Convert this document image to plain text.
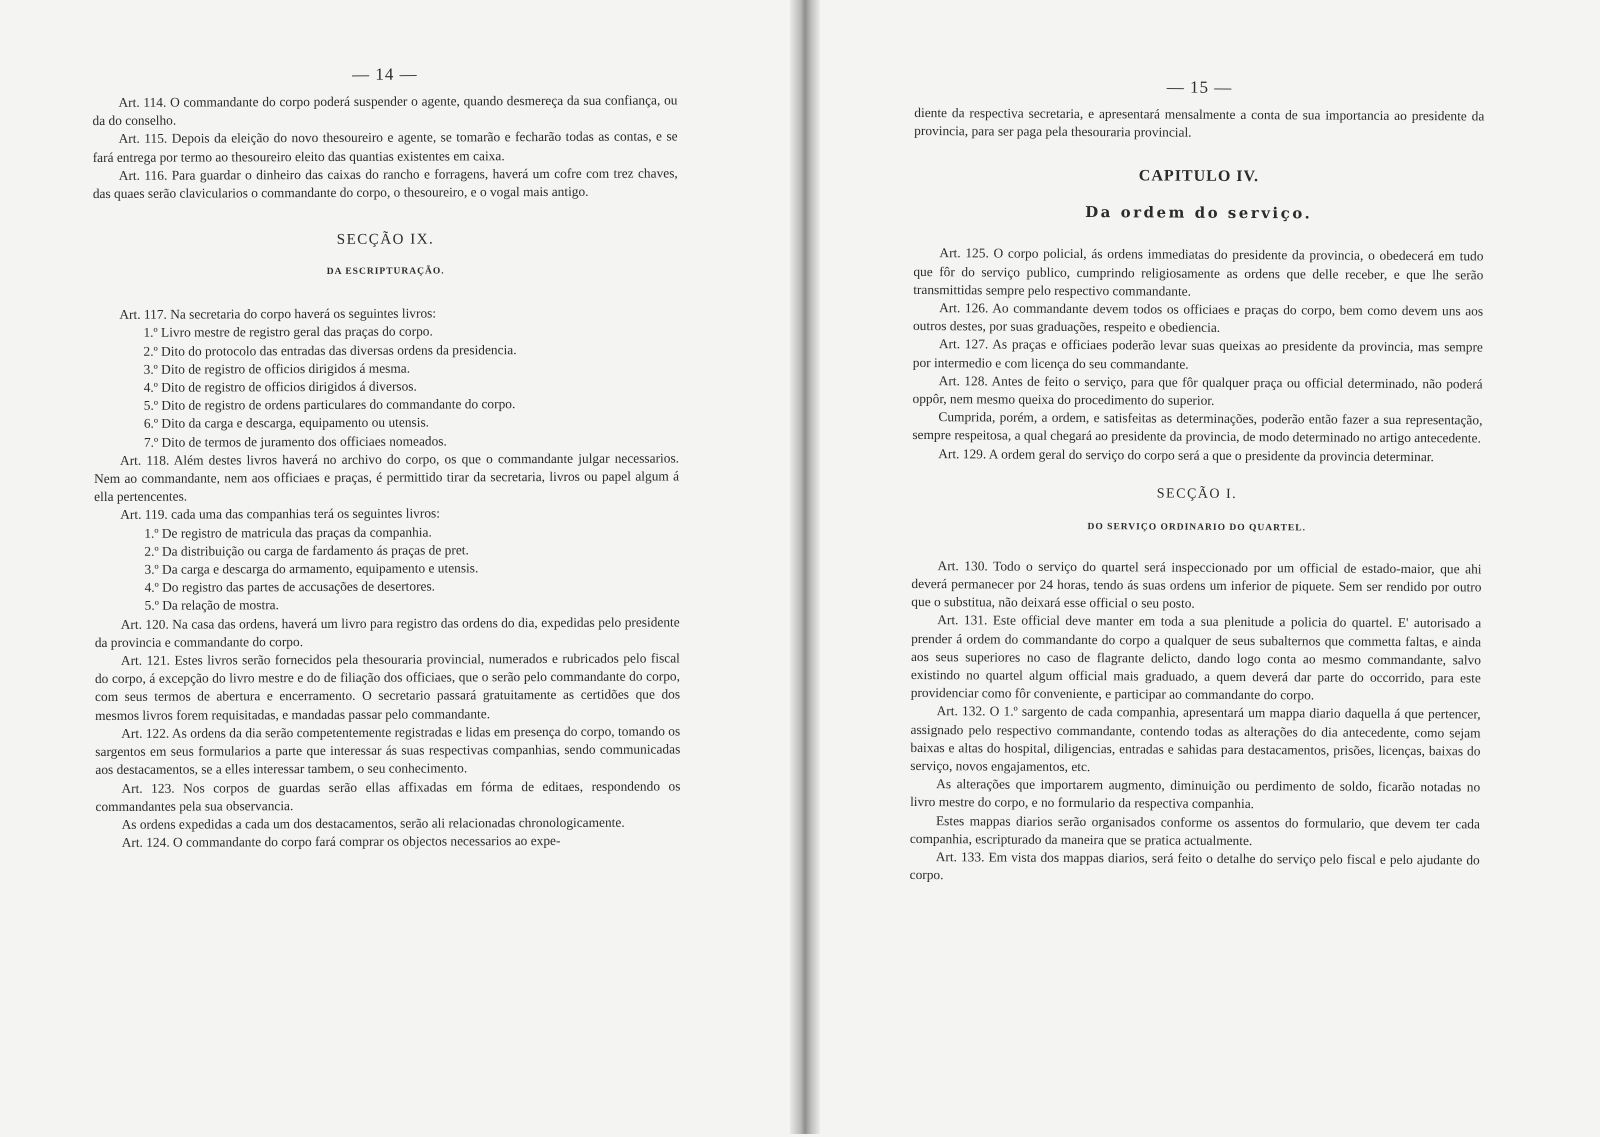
— 14 —

Art. 114. O commandante do corpo poderá suspender o agente, quando desmereça da sua confiança, ou da do conselho.

Art. 115. Depois da eleição do novo thesoureiro e agente, se tomarão e fecharão todas as contas, e se fará entrega por termo ao thesoureiro eleito das quantias existentes em caixa.

Art. 116. Para guardar o dinheiro das caixas do rancho e forragens, haverá um cofre com trez chaves, das quaes serão clavicularios o commandante do corpo, o thesoureiro, e o vogal mais antigo.

SECÇÃO IX.
DA ESCRIPTURAÇÃO.

Art. 117. Na secretaria do corpo haverá os seguintes livros:

1.º Livro mestre de registro geral das praças do corpo.
2.º Dito do protocolo das entradas das diversas ordens da presidencia.
3.º Dito de registro de officios dirigidos á mesma.
4.º Dito de registro de officios dirigidos á diversos.
5.º Dito de registro de ordens particulares do commandante do corpo.
6.º Dito da carga e descarga, equipamento ou utensis.
7.º Dito de termos de juramento dos officiaes nomeados.

Art. 118. Além destes livros haverá no archivo do corpo, os que o commandante julgar necessarios. Nem ao commandante, nem aos officiaes e praças, é permittido tirar da secretaria, livros ou papel algum á ella pertencentes.

Art. 119. cada uma das companhias terá os seguintes livros:

1.º De registro de matricula das praças da companhia.
2.º Da distribuição ou carga de fardamento ás praças de pret.
3.º Da carga e descarga do armamento, equipamento e utensis.
4.º Do registro das partes de accusações de desertores.
5.º Da relação de mostra.

Art. 120. Na casa das ordens, haverá um livro para registro das ordens do dia, expedidas pelo presidente da provincia e commandante do corpo.

Art. 121. Estes livros serão fornecidos pela thesouraria provincial, numerados e rubricados pelo fiscal do corpo, á excepção do livro mestre e do de filiação dos officiaes, que o serão pelo commandante do corpo, com seus termos de abertura e encerramento. O secretario passará gratuitamente as certidões que dos mesmos livros forem requisitadas, e mandadas passar pelo commandante.

Art. 122. As ordens da dia serão competentemente registradas e lidas em presença do corpo, tomando os sargentos em seus formularios a parte que interessar ás suas respectivas companhias, sendo communicadas aos destacamentos, se a elles interessar tambem, o seu conhecimento.

Art. 123. Nos corpos de guardas serão ellas affixadas em fórma de editaes, respondendo os commandantes pela sua observancia.

As ordens expedidas a cada um dos destacamentos, serão ali relacionadas chronologicamente.

Art. 124. O commandante do corpo fará comprar os objectos necessarios ao expe-

— 15 —

diente da respectiva secretaria, e apresentará mensalmente a conta de sua importancia ao presidente da provincia, para ser paga pela thesouraria provincial.

CAPITULO IV.
Da ordem do serviço.

Art. 125. O corpo policial, ás ordens immediatas do presidente da provincia, o obedecerá em tudo que fôr do serviço publico, cumprindo religiosamente as ordens que delle receber, e que lhe serão transmittidas sempre pelo respectivo commandante.

Art. 126. Ao commandante devem todos os officiaes e praças do corpo, bem como devem uns aos outros destes, por suas graduações, respeito e obediencia.

Art. 127. As praças e officiaes poderão levar suas queixas ao presidente da provincia, mas sempre por intermedio e com licença do seu commandante.

Art. 128. Antes de feito o serviço, para que fôr qualquer praça ou official determinado, não poderá oppôr, nem mesmo queixa do procedimento do superior.

Cumprida, porém, a ordem, e satisfeitas as determinações, poderão então fazer a sua representação, sempre respeitosa, a qual chegará ao presidente da provincia, de modo determinado no artigo antecedente.

Art. 129. A ordem geral do serviço do corpo será a que o presidente da provincia determinar.

SECÇÃO I.
DO SERVIÇO ORDINARIO DO QUARTEL.

Art. 130. Todo o serviço do quartel será inspeccionado por um official de estado-maior, que ahi deverá permanecer por 24 horas, tendo ás suas ordens um inferior de piquete. Sem ser rendido por outro que o substitua, não deixará esse official o seu posto.

Art. 131. Este official deve manter em toda a sua plenitude a policia do quartel. E' autorisado a prender á ordem do commandante do corpo a qualquer de seus subalternos que commetta faltas, e ainda aos seus superiores no caso de flagrante delicto, dando logo conta ao mesmo commandante, salvo existindo no quartel algum official mais graduado, a quem deverá dar parte do occorrido, para este providenciar como fôr conveniente, e participar ao commandante do corpo.

Art. 132. O 1.º sargento de cada companhia, apresentará um mappa diario daquella á que pertencer, assignado pelo respectivo commandante, contendo todas as alterações do dia antecedente, como sejam baixas e altas do hospital, diligencias, entradas e sahidas para destacamentos, prisões, licenças, baixas do serviço, novos engajamentos, etc.

As alterações que importarem augmento, diminuição ou perdimento de soldo, ficarão notadas no livro mestre do corpo, e no formulario da respectiva companhia.

Estes mappas diarios serão organisados conforme os assentos do formulario, que devem ter cada companhia, escripturado da maneira que se pratica actualmente.

Art. 133. Em vista dos mappas diarios, será feito o detalhe do serviço pelo fiscal e pelo ajudante do corpo.
